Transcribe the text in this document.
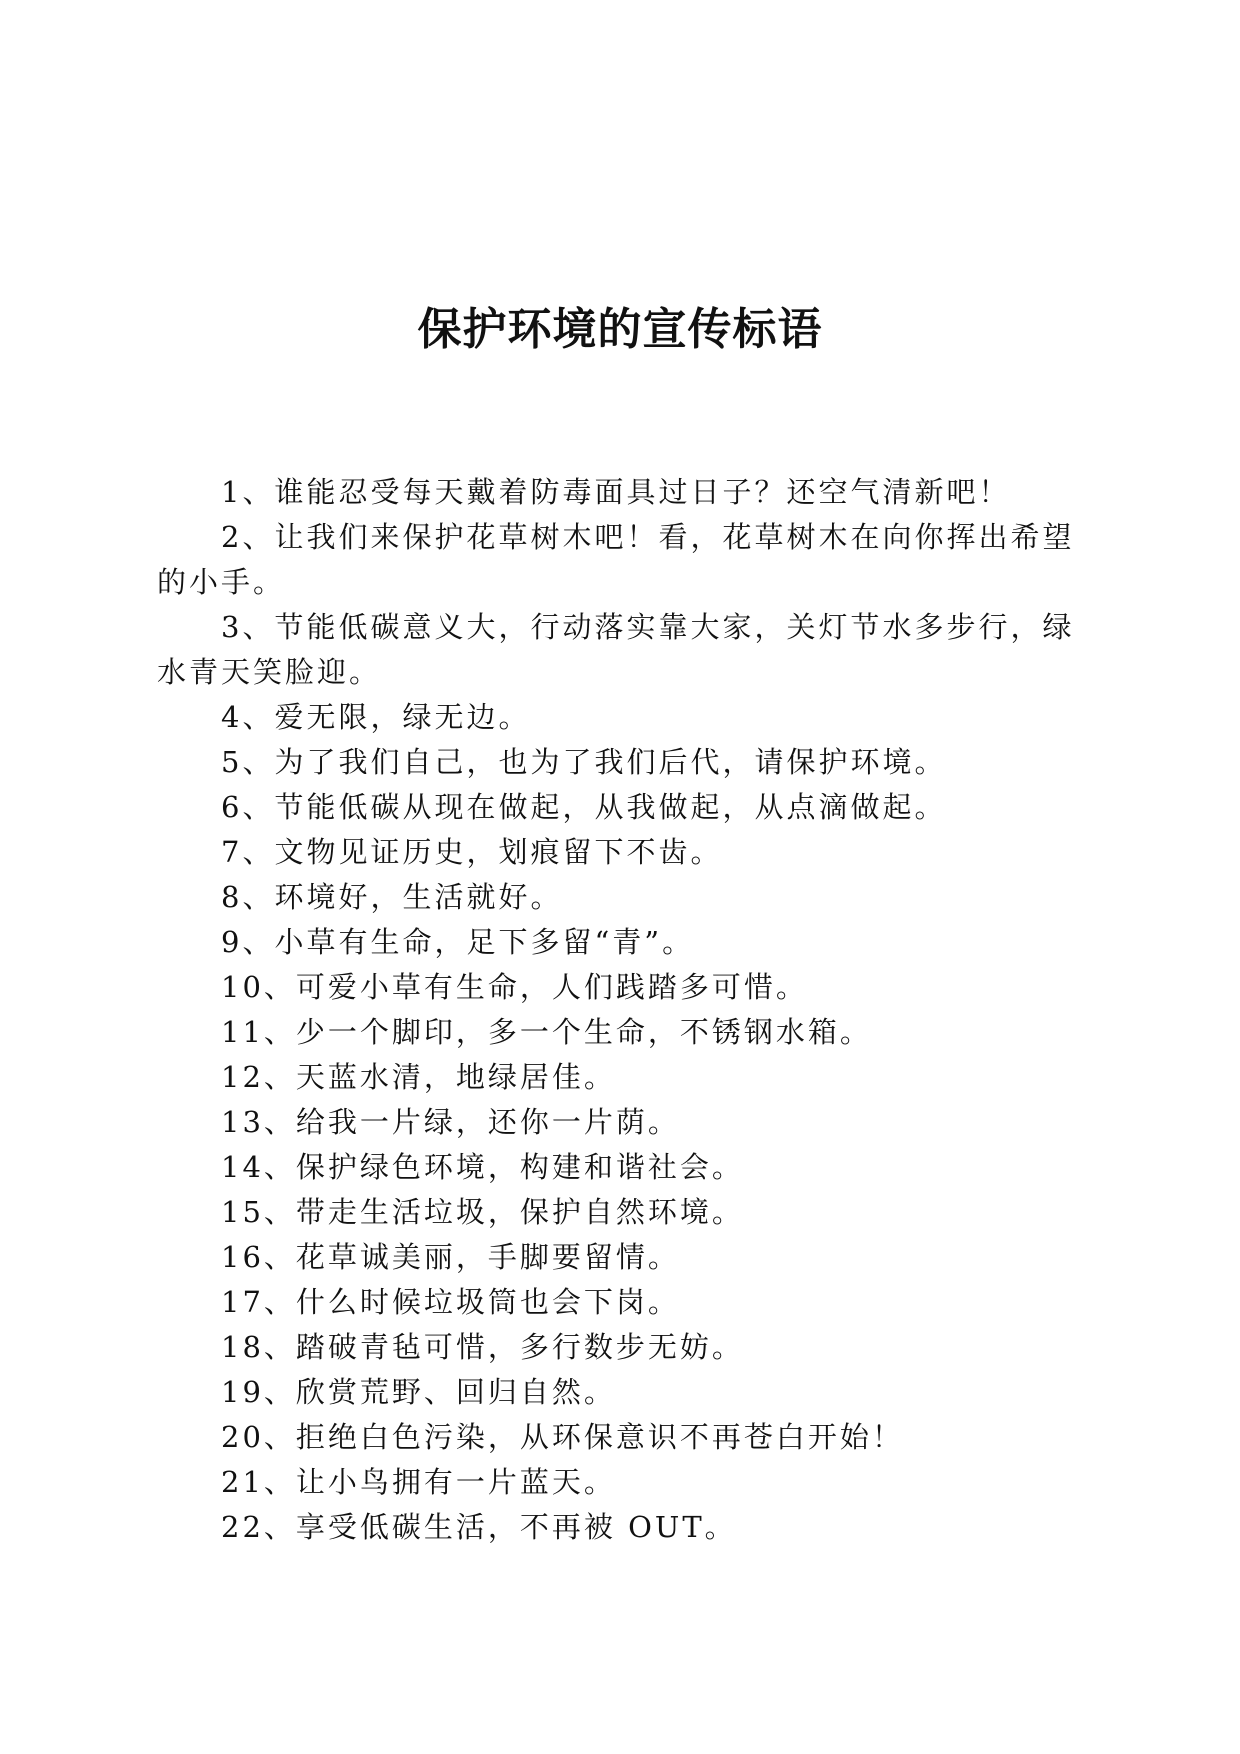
保护环境的宣传标语

1、谁能忍受每天戴着防毒面具过日子？还空气清新吧！

2、让我们来保护花草树木吧！看，花草树木在向你挥出希望的小手。

3、节能低碳意义大，行动落实靠大家，关灯节水多步行，绿水青天笑脸迎。

4、爱无限，绿无边。

5、为了我们自己，也为了我们后代，请保护环境。

6、节能低碳从现在做起，从我做起，从点滴做起。

7、文物见证历史，划痕留下不齿。

8、环境好，生活就好。

9、小草有生命，足下多留“青”。

10、可爱小草有生命，人们践踏多可惜。

11、少一个脚印，多一个生命，不锈钢水箱。

12、天蓝水清，地绿居佳。

13、给我一片绿，还你一片荫。

14、保护绿色环境，构建和谐社会。

15、带走生活垃圾，保护自然环境。

16、花草诚美丽，手脚要留情。

17、什么时候垃圾筒也会下岗。

18、踏破青毡可惜，多行数步无妨。

19、欣赏荒野、回归自然。

20、拒绝白色污染，从环保意识不再苍白开始！

21、让小鸟拥有一片蓝天。

22、享受低碳生活，不再被 OUT。
